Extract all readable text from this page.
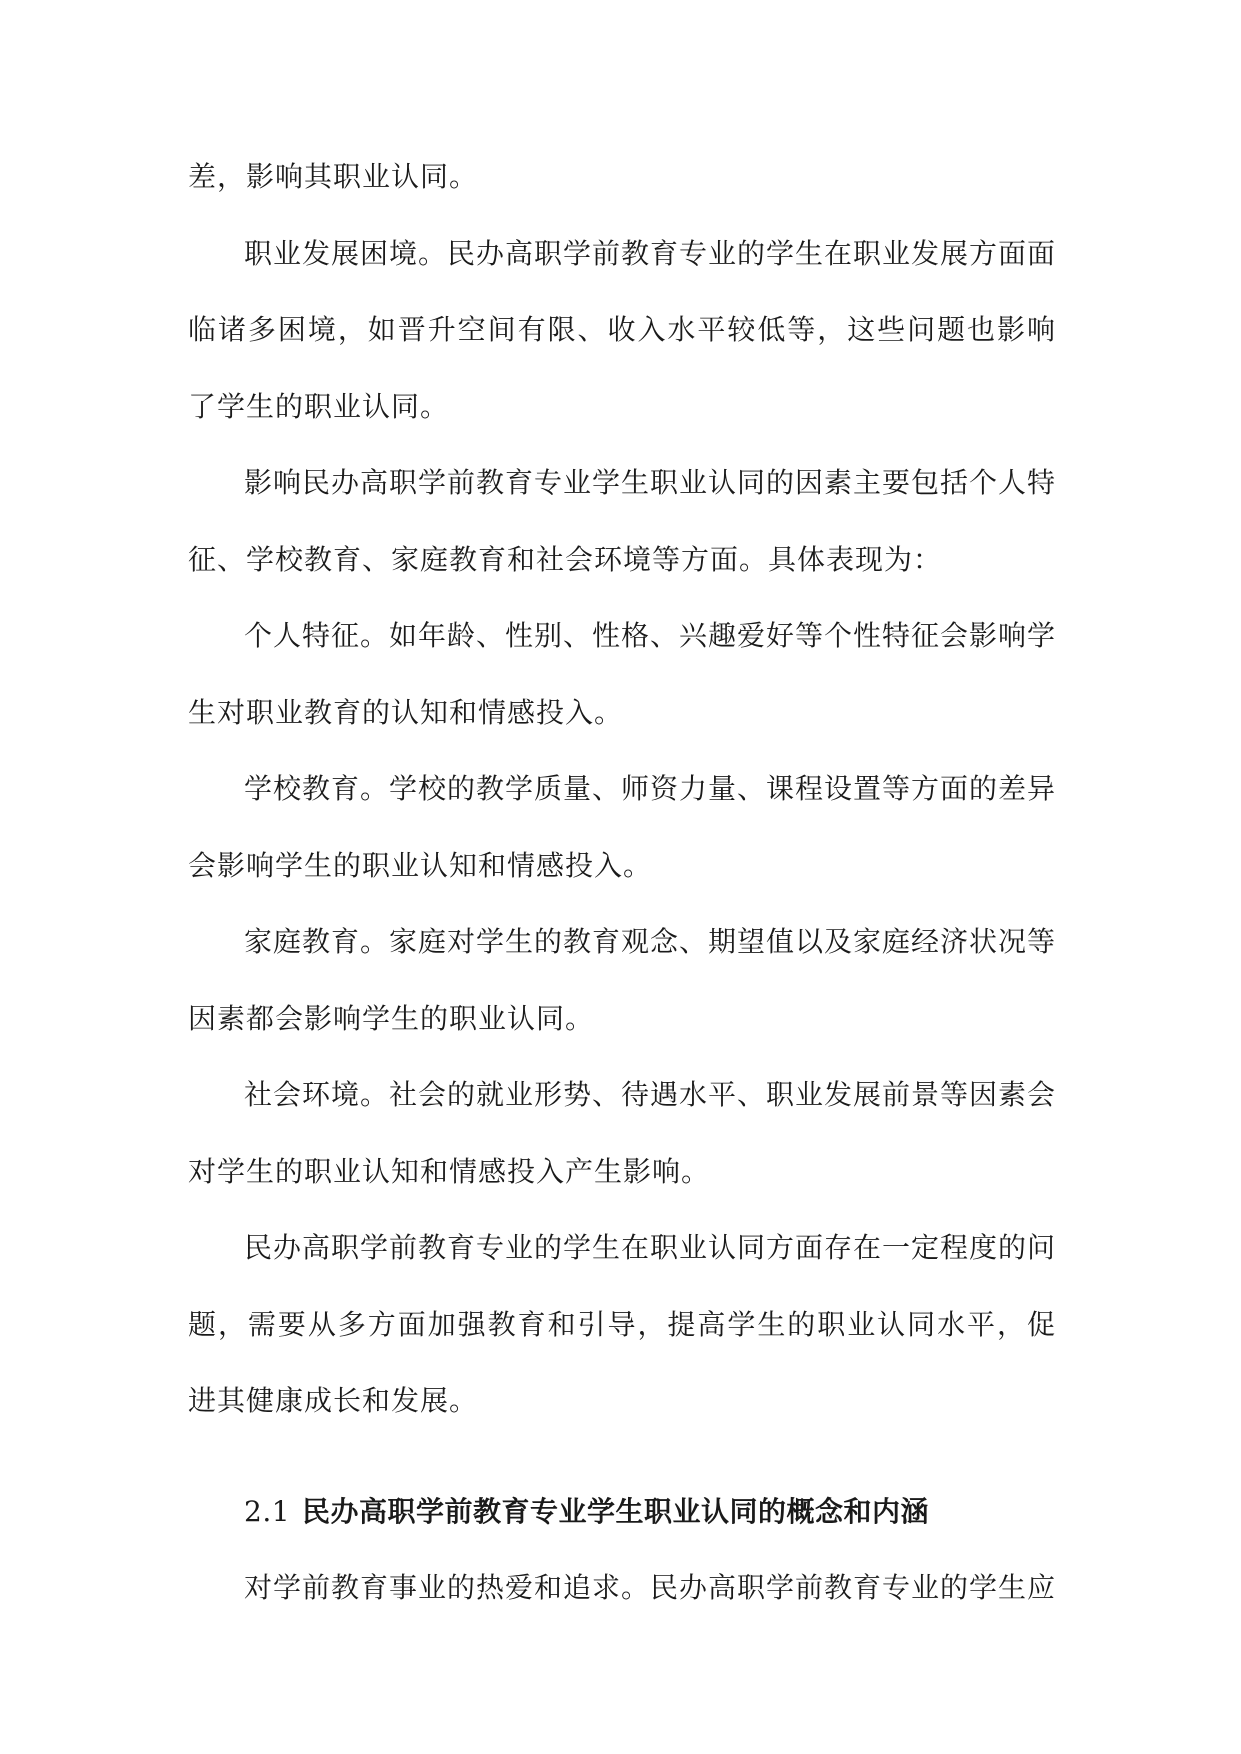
差，影响其职业认同。

职业发展困境。民办高职学前教育专业的学生在职业发展方面面临诸多困境，如晋升空间有限、收入水平较低等，这些问题也影响了学生的职业认同。

影响民办高职学前教育专业学生职业认同的因素主要包括个人特征、学校教育、家庭教育和社会环境等方面。具体表现为：

个人特征。如年龄、性别、性格、兴趣爱好等个性特征会影响学生对职业教育的认知和情感投入。

学校教育。学校的教学质量、师资力量、课程设置等方面的差异会影响学生的职业认知和情感投入。

家庭教育。家庭对学生的教育观念、期望值以及家庭经济状况等因素都会影响学生的职业认同。

社会环境。社会的就业形势、待遇水平、职业发展前景等因素会对学生的职业认知和情感投入产生影响。

民办高职学前教育专业的学生在职业认同方面存在一定程度的问题，需要从多方面加强教育和引导，提高学生的职业认同水平，促进其健康成长和发展。

2.1 民办高职学前教育专业学生职业认同的概念和内涵

对学前教育事业的热爱和追求。民办高职学前教育专业的学生应
